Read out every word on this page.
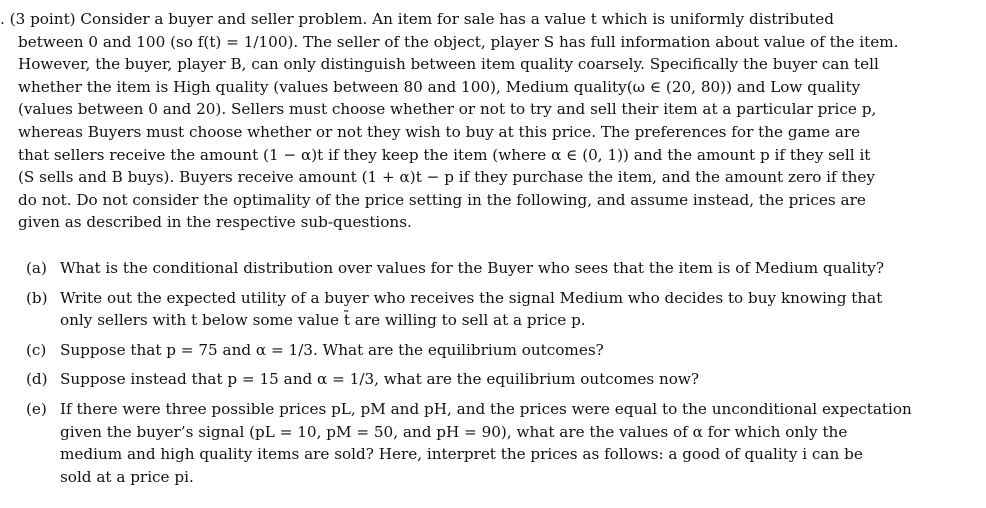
. (3 point) Consider a buyer and seller problem. An item for sale has a value t which is uniformly distributed
between 0 and 100 (so f(t) = 1/100). The seller of the object, player S has full information about value of the item.
However, the buyer, player B, can only distinguish between item quality coarsely. Specifically the buyer can tell
whether the item is High quality (values between 80 and 100), Medium quality(ω ∈ (20, 80)) and Low quality
(values between 0 and 20). Sellers must choose whether or not to try and sell their item at a particular price p,
whereas Buyers must choose whether or not they wish to buy at this price. The preferences for the game are
that sellers receive the amount (1 − α)t if they keep the item (where α ∈ (0, 1)) and the amount p if they sell it
(S sells and B buys). Buyers receive amount (1 + α)t − p if they purchase the item, and the amount zero if they
do not. Do not consider the optimality of the price setting in the following, and assume instead, the prices are
given as described in the respective sub-questions.
(a) What is the conditional distribution over values for the Buyer who sees that the item is of Medium quality?
(b) Write out the expected utility of a buyer who receives the signal Medium who decides to buy knowing that
only sellers with t below some value t̄ are willing to sell at a price p.
(c) Suppose that p = 75 and α = 1/3. What are the equilibrium outcomes?
(d) Suppose instead that p = 15 and α = 1/3, what are the equilibrium outcomes now?
(e) If there were three possible prices pL, pM and pH, and the prices were equal to the unconditional expectation
given the buyer’s signal (pL = 10, pM = 50, and pH = 90), what are the values of α for which only the
medium and high quality items are sold? Here, interpret the prices as follows: a good of quality i can be
sold at a price pi.
